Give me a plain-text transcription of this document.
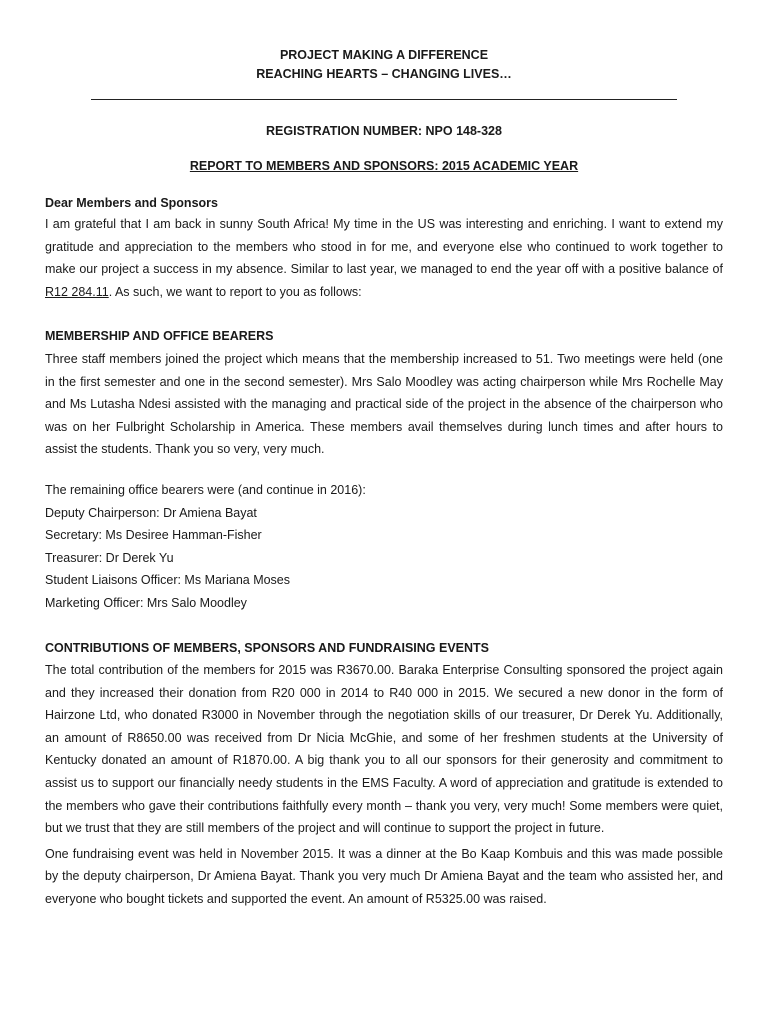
PROJECT MAKING A DIFFERENCE
REACHING HEARTS – CHANGING LIVES…
REGISTRATION NUMBER: NPO 148-328
REPORT TO MEMBERS AND SPONSORS: 2015 ACADEMIC YEAR
Dear Members and Sponsors

I am grateful that I am back in sunny South Africa! My time in the US was interesting and enriching. I want to extend my gratitude and appreciation to the members who stood in for me, and everyone else who continued to work together to make our project a success in my absence. Similar to last year, we managed to end the year off with a positive balance of R12 284.11. As such, we want to report to you as follows:

MEMBERSHIP AND OFFICE BEARERS

Three staff members joined the project which means that the membership increased to 51. Two meetings were held (one in the first semester and one in the second semester). Mrs Salo Moodley was acting chairperson while Mrs Rochelle May and Ms Lutasha Ndesi assisted with the managing and practical side of the project in the absence of the chairperson who was on her Fulbright Scholarship in America. These members avail themselves during lunch times and after hours to assist the students. Thank you so very, very much.

The remaining office bearers were (and continue in 2016):
Deputy Chairperson: Dr Amiena Bayat
Secretary: Ms Desiree Hamman-Fisher
Treasurer: Dr Derek Yu
Student Liaisons Officer: Ms Mariana Moses
Marketing Officer: Mrs Salo Moodley
CONTRIBUTIONS OF MEMBERS, SPONSORS AND FUNDRAISING EVENTS

The total contribution of the members for 2015 was R3670.00. Baraka Enterprise Consulting sponsored the project again and they increased their donation from R20 000 in 2014 to R40 000 in 2015. We secured a new donor in the form of Hairzone Ltd, who donated R3000 in November through the negotiation skills of our treasurer, Dr Derek Yu. Additionally, an amount of R8650.00 was received from Dr Nicia McGhie, and some of her freshmen students at the University of Kentucky donated an amount of R1870.00. A big thank you to all our sponsors for their generosity and commitment to assist us to support our financially needy students in the EMS Faculty. A word of appreciation and gratitude is extended to the members who gave their contributions faithfully every month – thank you very, very much! Some members were quiet, but we trust that they are still members of the project and will continue to support the project in future.

One fundraising event was held in November 2015. It was a dinner at the Bo Kaap Kombuis and this was made possible by the deputy chairperson, Dr Amiena Bayat. Thank you very much Dr Amiena Bayat and the team who assisted her, and everyone who bought tickets and supported the event. An amount of R5325.00 was raised.
